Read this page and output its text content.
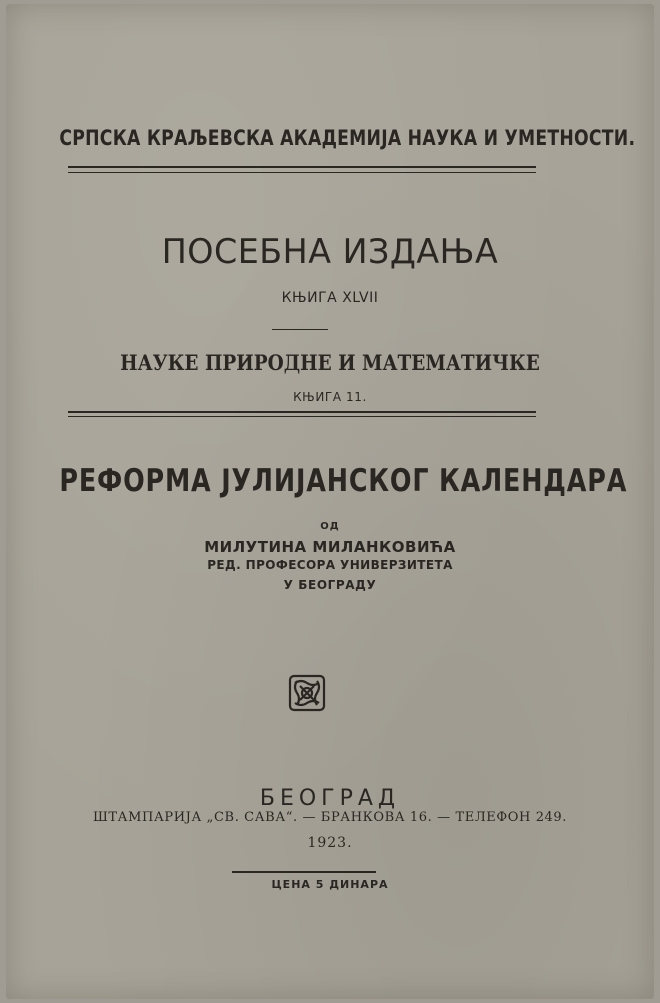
СРПСКА КРАЉЕВСКА АКАДЕМИЈА НАУКА И УМЕТНОСТИ.
ПОСЕБНА ИЗДАЊА
КЊИГА XLVII
НАУКЕ ПРИРОДНЕ И МАТЕМАТИЧКЕ
КЊИГА 11.
РЕФОРМА ЈУЛИЈАНСКОГ КАЛЕНДАРА
ОД
МИЛУТИНА МИЛАНКОВИЋА
РЕД. ПРОФЕСОРА УНИВЕРЗИТЕТА
У БЕОГРАДУ
БЕОГРАД
ШТАМПАРИЈА „СВ. САВА“. — БРАНКОВА 16. — ТЕЛЕФОН 249.
1923.
ЦЕНА 5 ДИНАРА
